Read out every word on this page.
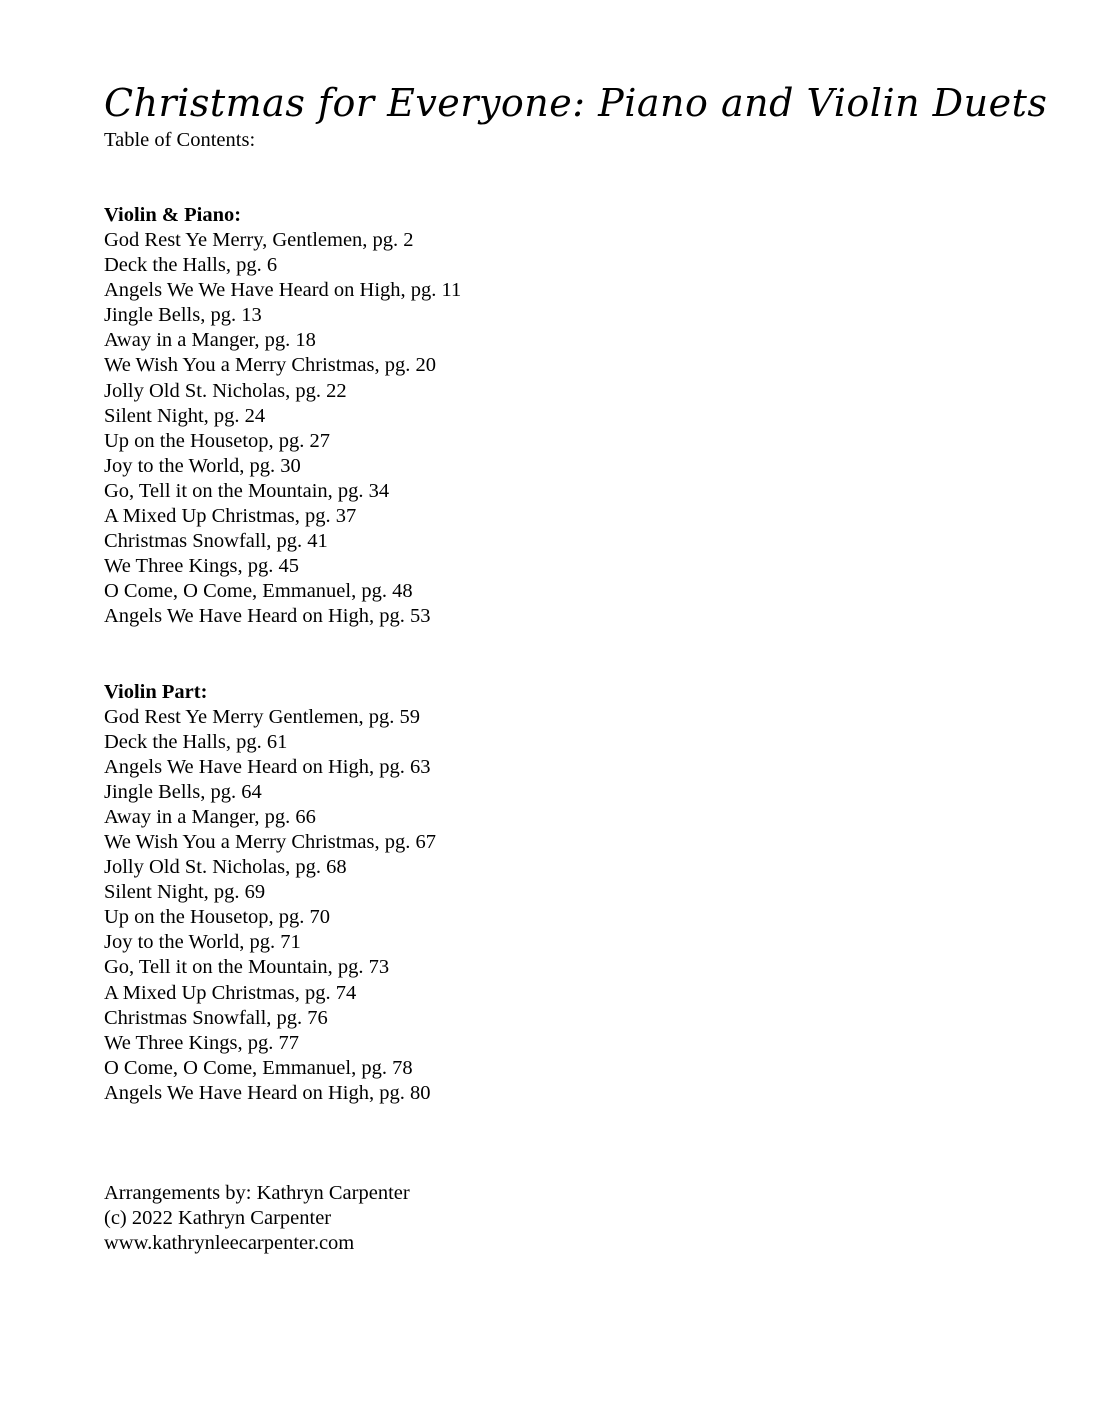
Christmas for Everyone: Piano and Violin Duets
Table of Contents:
Violin & Piano:
God Rest Ye Merry, Gentlemen, pg. 2
Deck the Halls, pg. 6
Angels We We Have Heard on High, pg. 11
Jingle Bells, pg. 13
Away in a Manger, pg. 18
We Wish You a Merry Christmas, pg. 20
Jolly Old St. Nicholas, pg. 22
Silent Night, pg. 24
Up on the Housetop, pg. 27
Joy to the World, pg. 30
Go, Tell it on the Mountain, pg. 34
A Mixed Up Christmas, pg. 37
Christmas Snowfall, pg. 41
We Three Kings, pg. 45
O Come, O Come, Emmanuel, pg. 48
Angels We Have Heard on High, pg. 53
Violin Part:
God Rest Ye Merry Gentlemen, pg. 59
Deck the Halls, pg. 61
Angels We Have Heard on High, pg. 63
Jingle Bells, pg. 64
Away in a Manger, pg. 66
We Wish You a Merry Christmas, pg. 67
Jolly Old St. Nicholas, pg. 68
Silent Night, pg. 69
Up on the Housetop, pg. 70
Joy to the World, pg. 71
Go, Tell it on the Mountain, pg. 73
A Mixed Up Christmas, pg. 74
Christmas Snowfall, pg. 76
We Three Kings, pg. 77
O Come, O Come, Emmanuel, pg. 78
Angels We Have Heard on High, pg. 80
Arrangements by: Kathryn Carpenter
(c) 2022 Kathryn Carpenter
www.kathrynleecarpenter.com
